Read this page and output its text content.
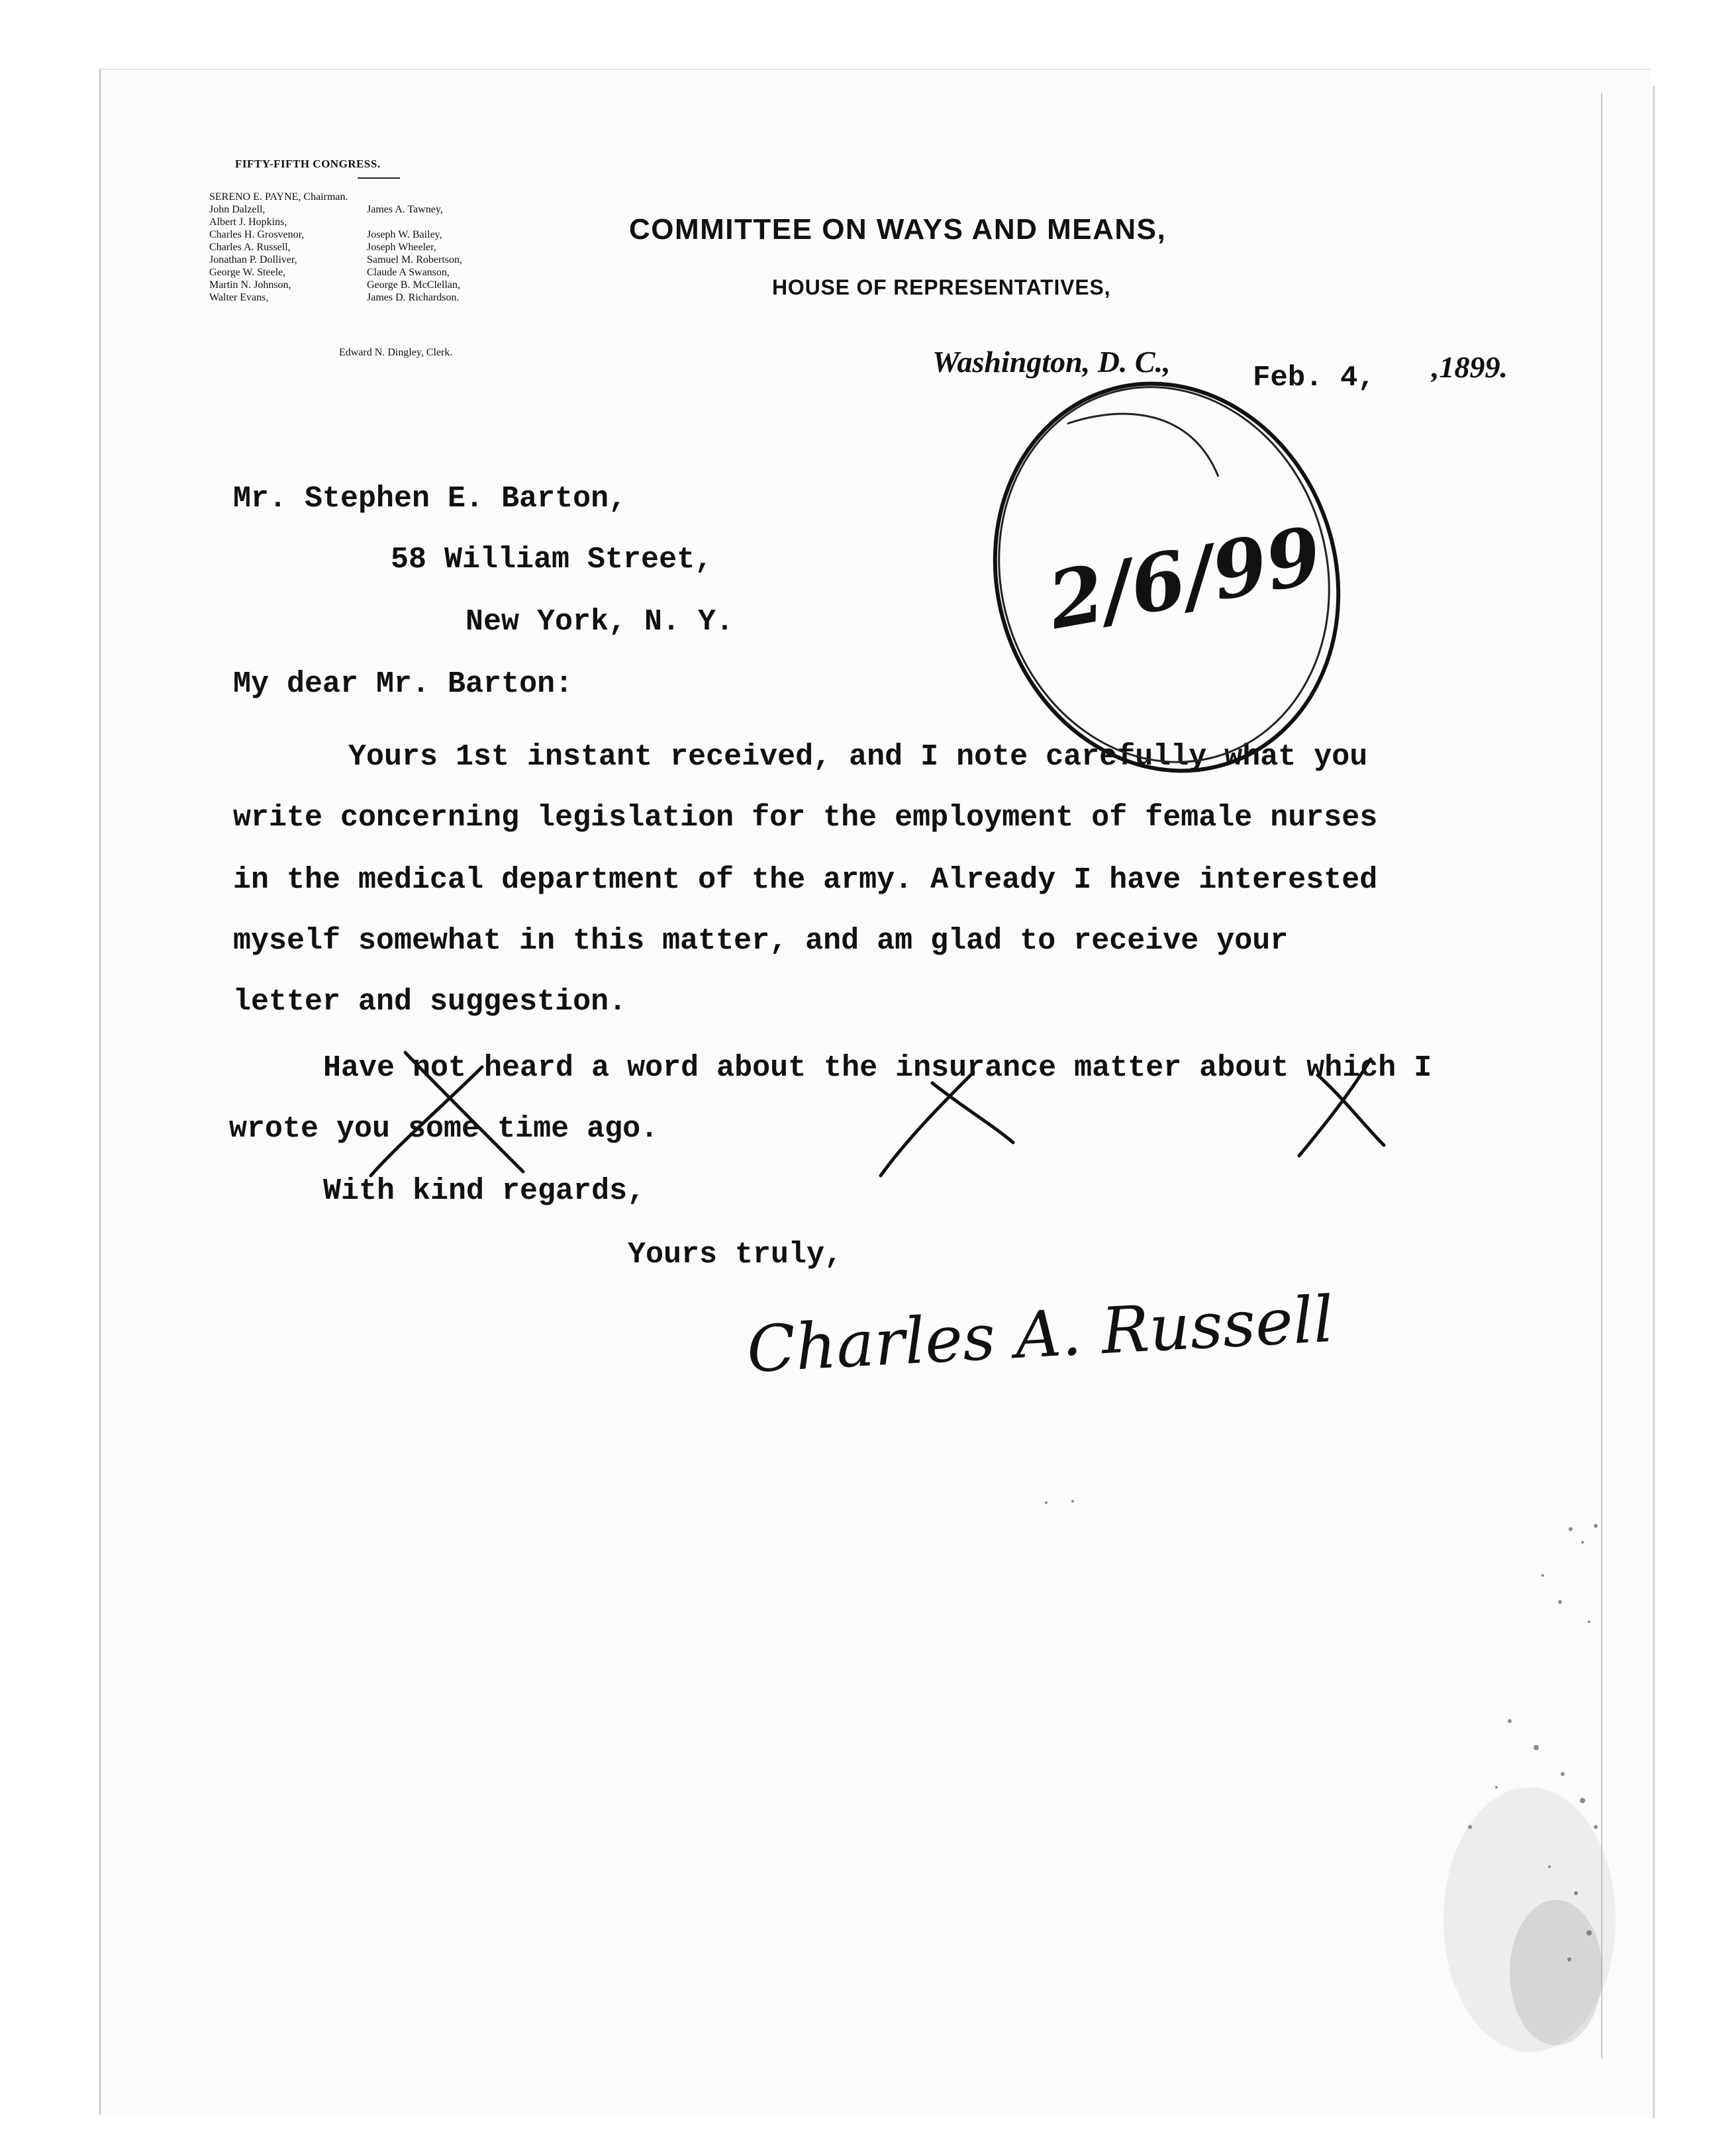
FIFTY-FIFTH CONGRESS.
SERENO E. PAYNE, Chairman.
John Dalzell,	James A. Tawney,
Albert J. Hopkins,
Charles H. Grosvenor,	Joseph W. Bailey,
Charles A. Russell,	Joseph Wheeler,
Jonathan P. Dolliver,	Samuel M. Robertson,
George W. Steele,	Claude A Swanson,
Martin N. Johnson,	George B. McClellan,
Walter Evans,	James D. Richardson.
Edward N. Dingley, Clerk.
COMMITTEE ON WAYS AND MEANS,
HOUSE OF REPRESENTATIVES,
Washington, D. C.,	Feb. 4, ,1899.
Mr. Stephen E. Barton,
58 William Street,
New York, N. Y.
My dear Mr. Barton:
Yours 1st instant received, and I note carefully what you
write concerning legislation for the employment of female nurses
in the medical department of the army. Already I have interested
myself somewhat in this matter, and am glad to receive your
letter and suggestion.
Have not heard a word about the insurance matter about which I
wrote you some time ago.
With kind regards,
Yours truly,
2/6/99
Charles A. Russell
